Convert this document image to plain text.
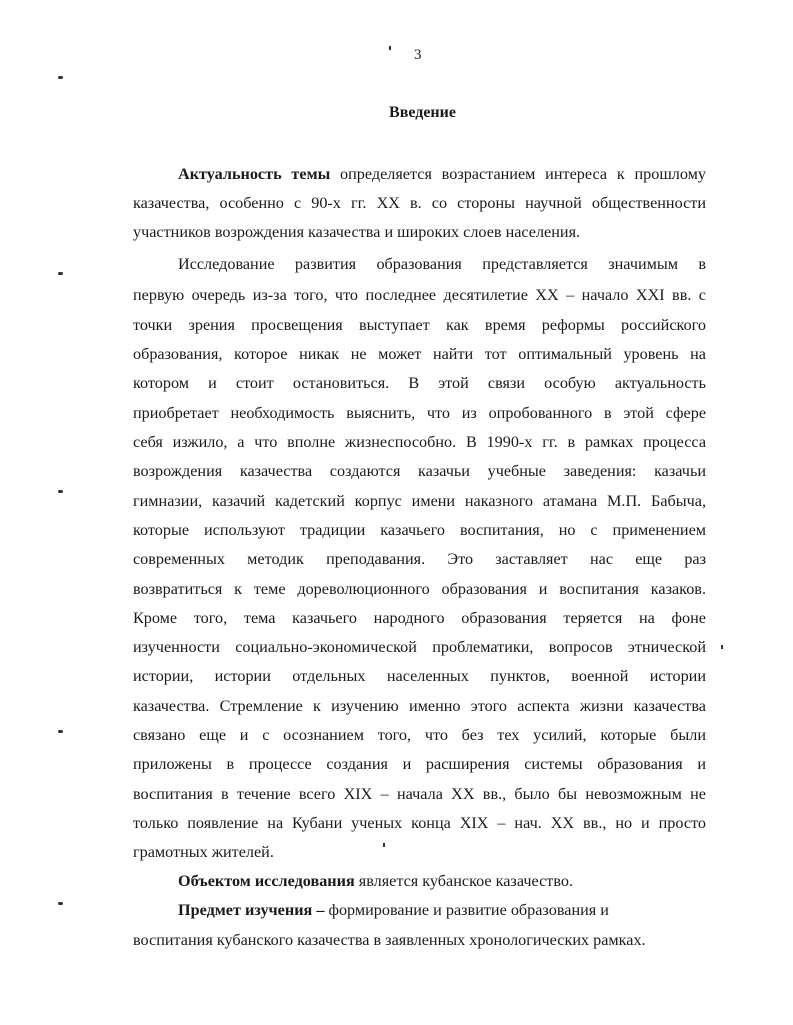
3
Введение
Актуальность темы определяется возрастанием интереса к прошлому
казачества, особенно с 90-х гг. XX в. со стороны научной общественности
участников возрождения казачества и широких слоев населения.
Исследование развития образования представляется значимым в
первую очередь из-за того, что последнее десятилетие XX – начало XXI вв. с
точки зрения просвещения выступает как время реформы российского
образования, которое никак не может найти тот оптимальный уровень на
котором и стоит остановиться. В этой связи особую актуальность
приобретает необходимость выяснить, что из опробованного в этой сфере
себя изжило, а что вполне жизнеспособно. В 1990-х гг. в рамках процесса
возрождения казачества создаются казачьи учебные заведения: казачьи
гимназии, казачий кадетский корпус имени наказного атамана М.П. Бабыча,
которые используют традиции казачьего воспитания, но с применением
современных методик преподавания. Это заставляет нас еще раз
возвратиться к теме дореволюционного образования и воспитания казаков.
Кроме того, тема казачьего народного образования теряется на фоне
изученности социально-экономической проблематики, вопросов этнической
истории, истории отдельных населенных пунктов, военной истории
казачества. Стремление к изучению именно этого аспекта жизни казачества
связано еще и с осознанием того, что без тех усилий, которые были
приложены в процессе создания и расширения системы образования и
воспитания в течение всего XIX – начала XX вв., было бы невозможным не
только появление на Кубани ученых конца XIX – нач. XX вв., но и просто
грамотных жителей.
Объектом исследования является кубанское казачество.
Предмет изучения – формирование и развитие образования и
воспитания кубанского казачества в заявленных хронологических рамках.
